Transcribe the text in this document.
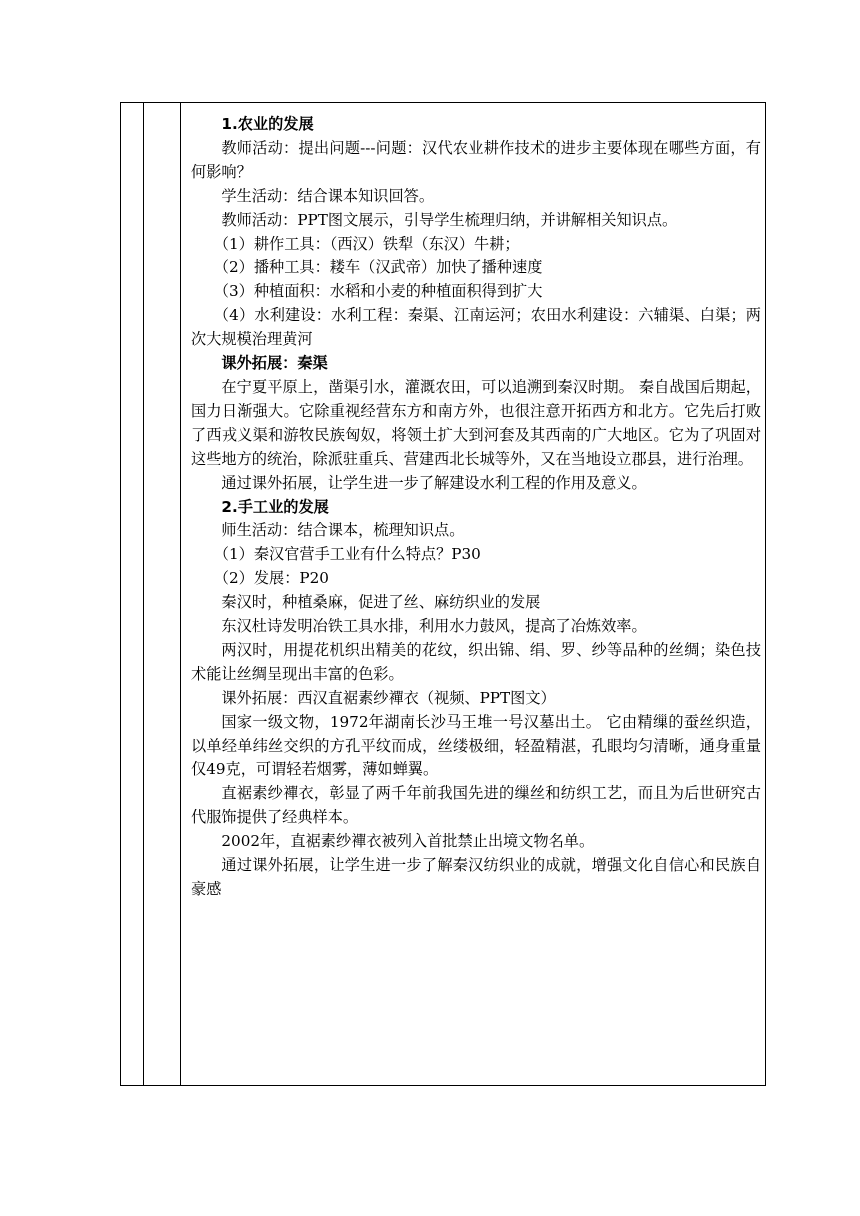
1.农业的发展

教师活动：提出问题---问题：汉代农业耕作技术的进步主要体现在哪些方面，有何影响？

学生活动：结合课本知识回答。

教师活动：PPT图文展示，引导学生梳理归纳，并讲解相关知识点。

（1）耕作工具：（西汉）铁犁（东汉）牛耕；

（2）播种工具：耧车（汉武帝）加快了播种速度

（3）种植面积：水稻和小麦的种植面积得到扩大

（4）水利建设：水利工程：秦渠、江南运河；农田水利建设：六辅渠、白渠；两次大规模治理黄河

课外拓展：秦渠

在宁夏平原上，凿渠引水，灌溉农田，可以追溯到秦汉时期。 秦自战国后期起，国力日渐强大。它除重视经营东方和南方外，也很注意开拓西方和北方。它先后打败了西戎义渠和游牧民族匈奴，将领土扩大到河套及其西南的广大地区。它为了巩固对这些地方的统治，除派驻重兵、营建西北长城等外，又在当地设立郡县，进行治理。

通过课外拓展，让学生进一步了解建设水利工程的作用及意义。

2.手工业的发展

师生活动：结合课本，梳理知识点。

（1）秦汉官营手工业有什么特点？P30

（2）发展：P20

秦汉时，种植桑麻，促进了丝、麻纺织业的发展

东汉杜诗发明冶铁工具水排，利用水力鼓风，提高了冶炼效率。

两汉时，用提花机织出精美的花纹，织出锦、绢、罗、纱等品种的丝绸；染色技术能让丝绸呈现出丰富的色彩。

课外拓展：西汉直裾素纱襌衣（视频、PPT图文）

国家一级文物，1972年湖南长沙马王堆一号汉墓出土。 它由精缫的蚕丝织造，以单经单纬丝交织的方孔平纹而成，丝缕极细，轻盈精湛，孔眼均匀清晰，通身重量仅49克，可谓轻若烟雾，薄如蝉翼。

直裾素纱襌衣，彰显了两千年前我国先进的缫丝和纺织工艺，而且为后世研究古代服饰提供了经典样本。

2002年，直裾素纱襌衣被列入首批禁止出境文物名单。

通过课外拓展，让学生进一步了解秦汉纺织业的成就，增强文化自信心和民族自豪感
